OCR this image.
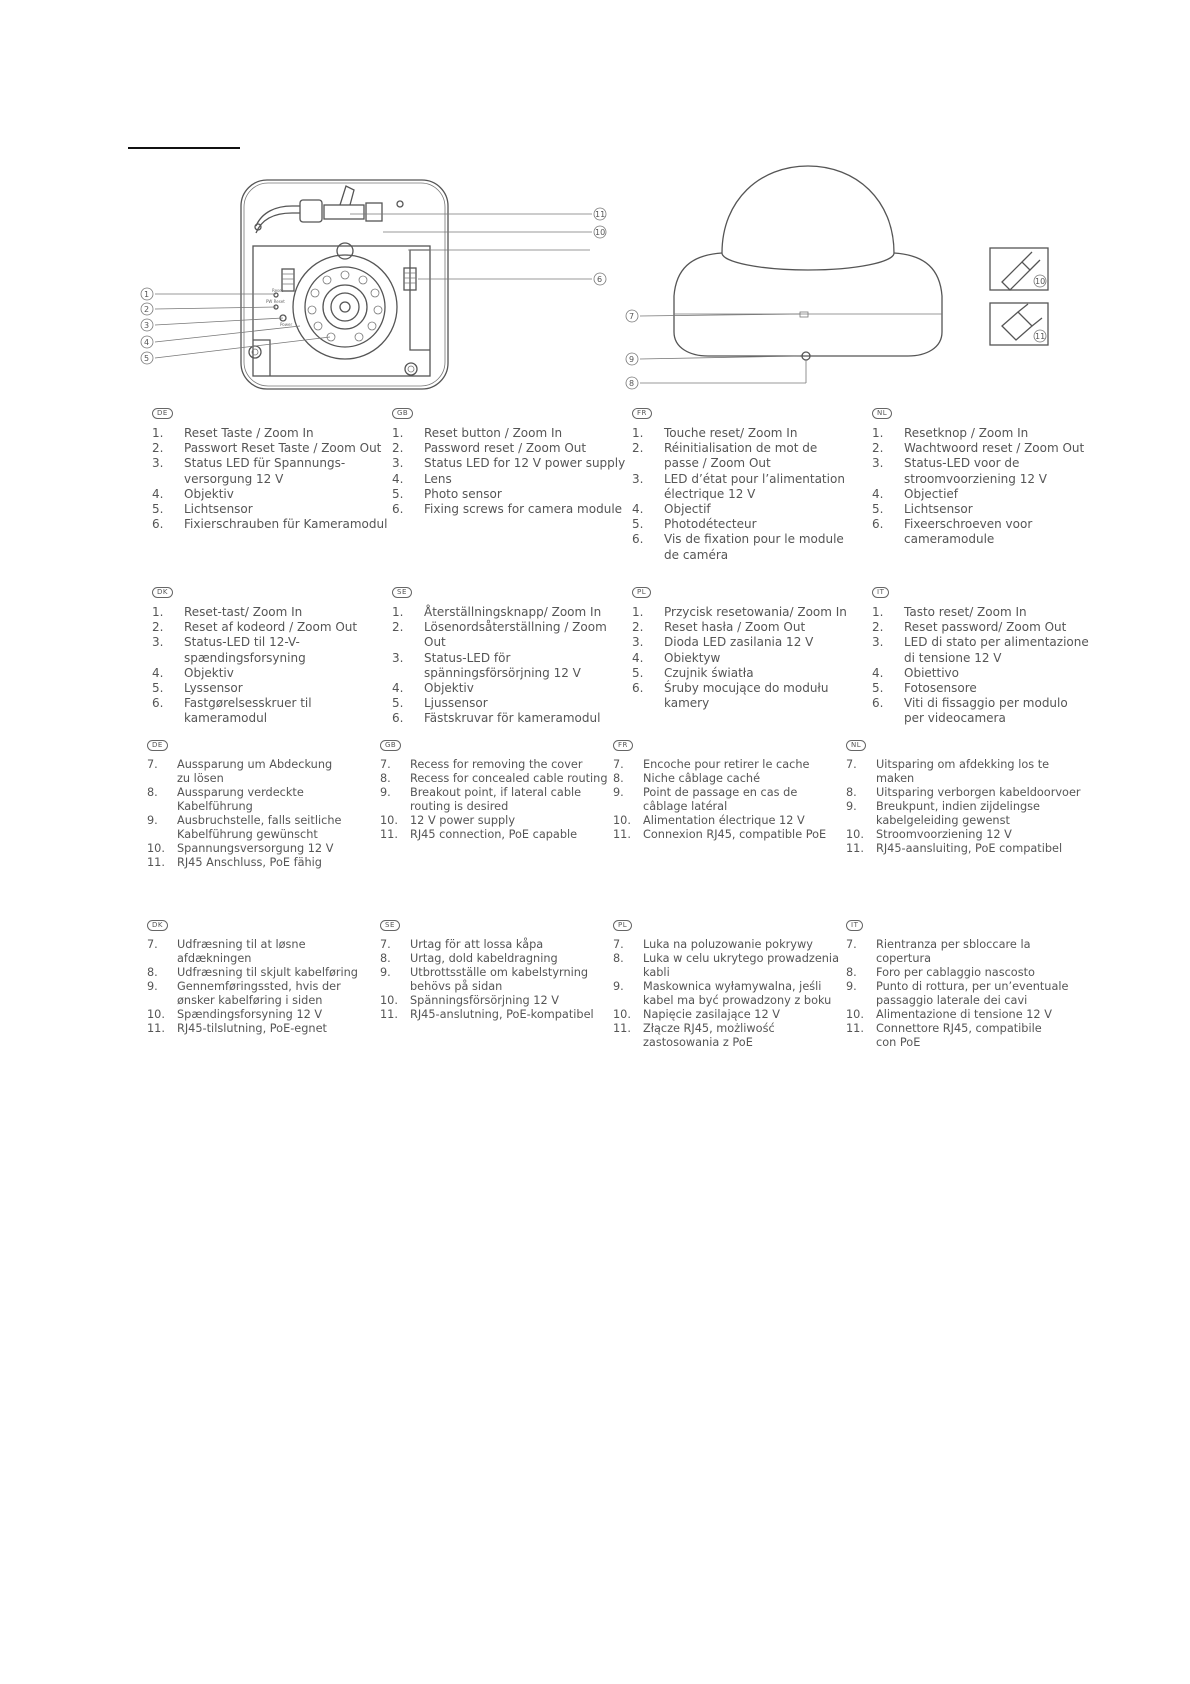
Reset
PW Reset
Power
1
2
3
4
5
11
10
6
7
9
8
10
11
DE
1.	Reset Taste / Zoom In
2.	Passwort Reset Taste / Zoom Out
3.	Status LED für Spannungs-
versorgung 12 V
4.	Objektiv
5.	Lichtsensor
6.	Fixierschrauben für Kameramodul
GB
1.	Reset button / Zoom In
2.	Password reset / Zoom Out
3.	Status LED for 12 V power supply
4.	Lens
5.	Photo sensor
6.	Fixing screws for camera module
FR
1.	Touche reset/ Zoom In
2.	Réinitialisation de mot de
passe / Zoom Out
3.	LED d’état pour l’alimentation
électrique 12 V
4.	Objectif
5.	Photodétecteur
6.	Vis de fixation pour le module
de caméra
NL
1.	Resetknop / Zoom In
2.	Wachtwoord reset / Zoom Out
3.	Status-LED voor de
stroomvoorziening 12 V
4.	Objectief
5.	Lichtsensor
6.	Fixeerschroeven voor
cameramodule
DK
1.	Reset-tast/ Zoom In
2.	Reset af kodeord / Zoom Out
3.	Status-LED til 12-V-
spændingsforsyning
4.	Objektiv
5.	Lyssensor
6.	Fastgørelsesskruer til kameramodul
SE
1.	Återställningsknapp/ Zoom In
2.	Lösenordsåterställning / Zoom Out
3.	Status-LED för
spänningsförsörjning 12 V
4.	Objektiv
5.	Ljussensor
6.	Fästskruvar för kameramodul
PL
1.	Przycisk resetowania/ Zoom In
2.	Reset hasła / Zoom Out
3.	Dioda LED zasilania 12 V
4.	Obiektyw
5.	Czujnik światła
6.	Śruby mocujące do modułu kamery
IT
1.	Tasto reset/ Zoom In
2.	Reset password/ Zoom Out
3.	LED di stato per alimentazione
di tensione 12 V
4.	Obiettivo
5.	Fotosensore
6.	Viti di fissaggio per modulo
per videocamera
DE
7.	Aussparung um Abdeckung
zu lösen
8.	Aussparung verdeckte
Kabelführung
9.	Ausbruchstelle, falls seitliche
Kabelführung gewünscht
10.	Spannungsversorgung 12 V
11.	RJ45 Anschluss, PoE fähig
GB
7.	Recess for removing the cover
8.	Recess for concealed cable routing
9.	Breakout point, if lateral cable
routing is desired
10.	12 V power supply
11.	RJ45 connection, PoE capable
FR
7.	Encoche pour retirer le cache
8.	Niche câblage caché
9.	Point de passage en cas de
câblage latéral
10.	Alimentation électrique 12 V
11.	Connexion RJ45, compatible PoE
NL
7.	Uitsparing om afdekking los te maken
8.	Uitsparing verborgen kabeldoorvoer
9.	Breukpunt, indien zijdelingse
kabelgeleiding gewenst
10.	Stroomvoorziening 12 V
11.	RJ45-aansluiting, PoE compatibel
DK
7.	Udfræsning til at løsne afdækningen
8.	Udfræsning til skjult kabelføring
9.	Gennemføringssted, hvis der
ønsker kabelføring i siden
10.	Spændingsforsyning 12 V
11.	RJ45-tilslutning, PoE-egnet
SE
7.	Urtag för att lossa kåpa
8.	Urtag, dold kabeldragning
9.	Utbrottsställe om kabelstyrning
behövs på sidan
10.	Spänningsförsörjning 12 V
11.	RJ45-anslutning, PoE-kompatibel
PL
7.	Luka na poluzowanie pokrywy
8.	Luka w celu ukrytego prowadzenia
kabli
9.	Maskownica wyłamywalna, jeśli
kabel ma być prowadzony z boku
10.	Napięcie zasilające 12 V
11.	Złącze RJ45, możliwość
zastosowania z PoE
IT
7.	Rientranza per sbloccare la copertura
8.	Foro per cablaggio nascosto
9.	Punto di rottura, per un’eventuale
passaggio laterale dei cavi
10.	Alimentazione di tensione 12 V
11.	Connettore RJ45, compatibile
con PoE
